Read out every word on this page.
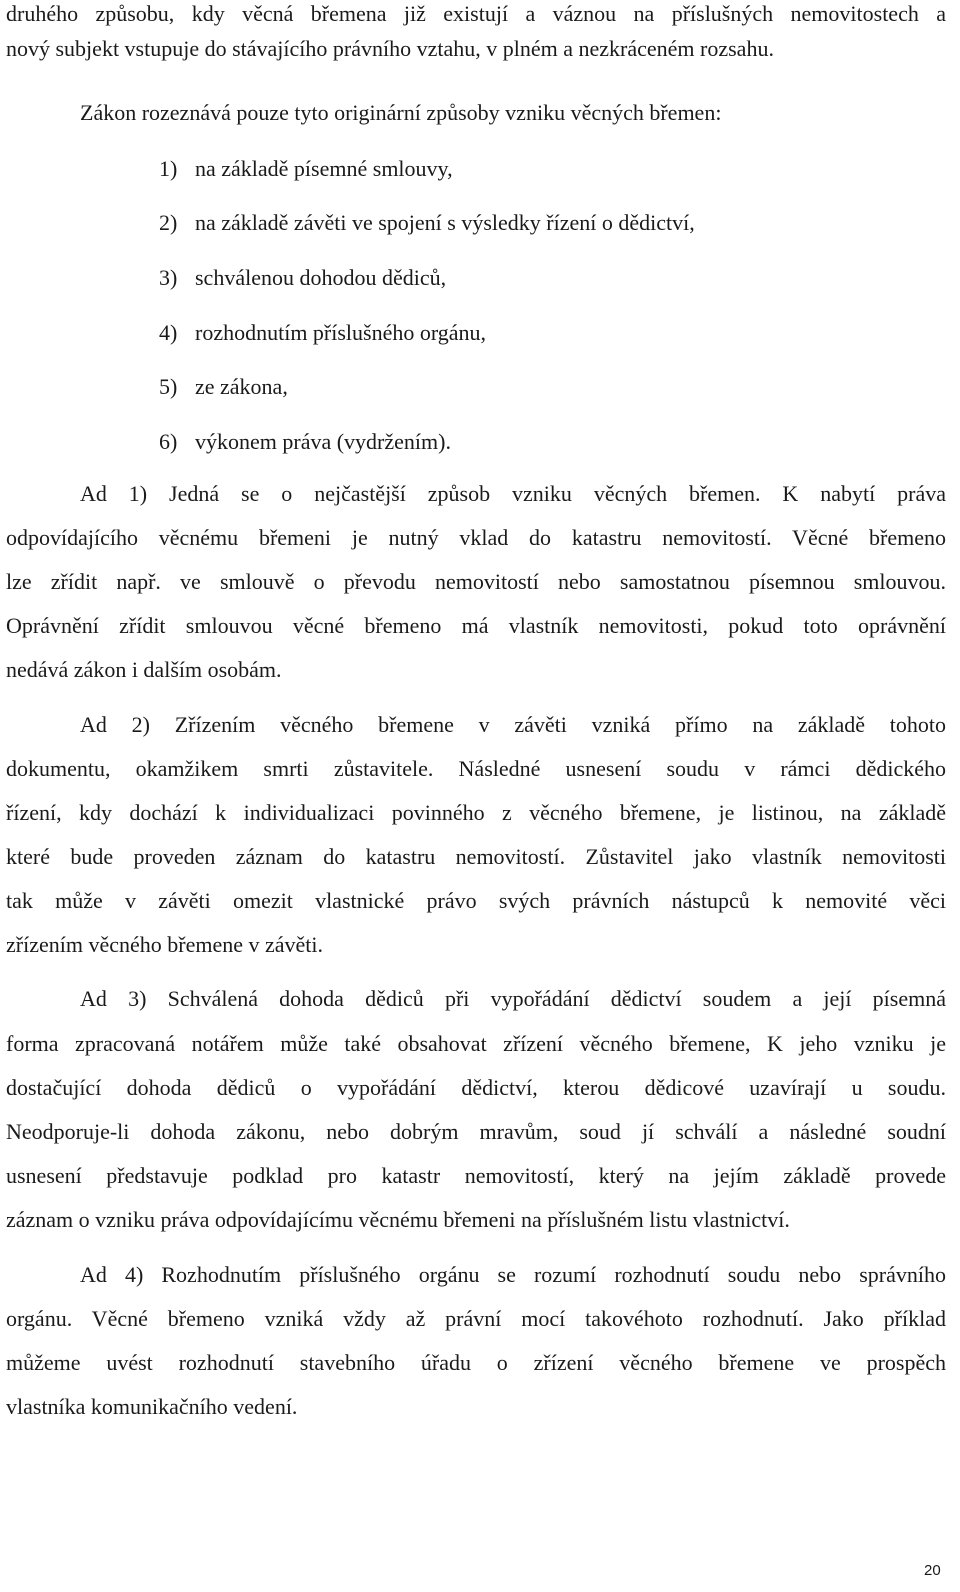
druhého způsobu, kdy věcná břemena již existují a váznou na příslušných nemovitostech a
nový subjekt vstupuje do stávajícího právního vztahu, v plném a nezkráceném rozsahu.
Zákon rozeznává pouze tyto originární způsoby vzniku věcných břemen:
1) na základě písemné smlouvy,
2) na základě závěti ve spojení s výsledky řízení o dědictví,
3) schválenou dohodou dědiců,
4) rozhodnutím příslušného orgánu,
5) ze zákona,
6) výkonem práva (vydržením).
Ad 1) Jedná se o nejčastější způsob vzniku věcných břemen. K nabytí práva
odpovídajícího věcnému břemeni je nutný vklad do katastru nemovitostí. Věcné břemeno
lze zřídit např. ve smlouvě o převodu nemovitostí nebo samostatnou písemnou smlouvou.
Oprávnění zřídit smlouvou věcné břemeno má vlastník nemovitosti, pokud toto oprávnění
nedává zákon i dalším osobám.
Ad 2) Zřízením věcného břemene v závěti vzniká přímo na základě tohoto
dokumentu, okamžikem smrti zůstavitele. Následné usnesení soudu v rámci dědického
řízení, kdy dochází k individualizaci povinného z věcného břemene, je listinou, na základě
které bude proveden záznam do katastru nemovitostí. Zůstavitel jako vlastník nemovitosti
tak může v závěti omezit vlastnické právo svých právních nástupců k nemovité věci
zřízením věcného břemene v závěti.
Ad 3) Schválená dohoda dědiců při vypořádání dědictví soudem a její písemná
forma zpracovaná notářem může také obsahovat zřízení věcného břemene, K jeho vzniku je
dostačující dohoda dědiců o vypořádání dědictví, kterou dědicové uzavírají u soudu.
Neodporuje-li dohoda zákonu, nebo dobrým mravům, soud jí schválí a následné soudní
usnesení představuje podklad pro katastr nemovitostí, který na jejím základě provede
záznam o vzniku práva odpovídajícímu věcnému břemeni na příslušném listu vlastnictví.
Ad 4) Rozhodnutím příslušného orgánu se rozumí rozhodnutí soudu nebo správního
orgánu. Věcné břemeno vzniká vždy až právní mocí takovéhoto rozhodnutí. Jako příklad
můžeme uvést rozhodnutí stavebního úřadu o zřízení věcného břemene ve prospěch
vlastníka komunikačního vedení.
20
